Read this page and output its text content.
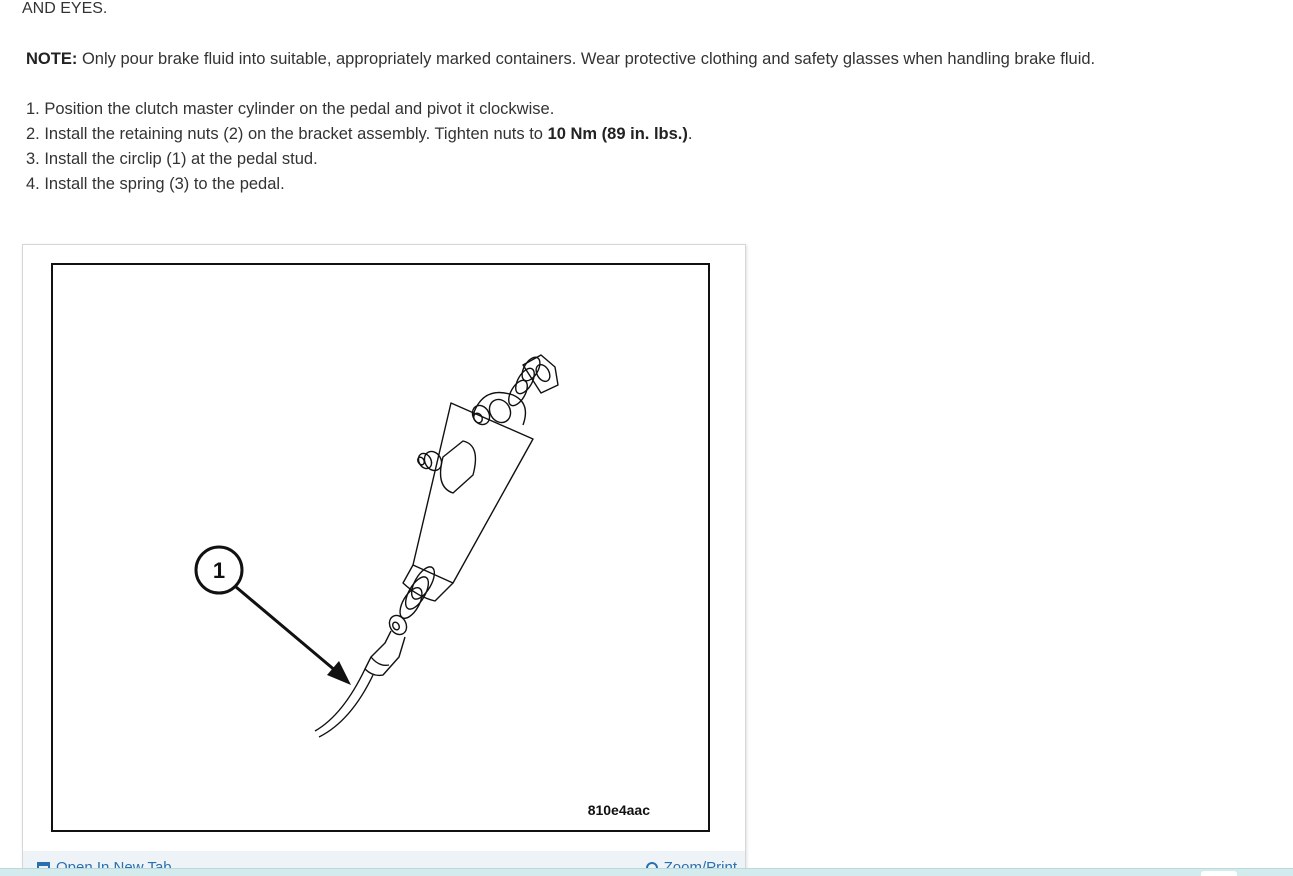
AND EYES.
NOTE: Only pour brake fluid into suitable, appropriately marked containers. Wear protective clothing and safety glasses when handling brake fluid.
1. Position the clutch master cylinder on the pedal and pivot it clockwise.
2. Install the retaining nuts (2) on the bracket assembly. Tighten nuts to 10 Nm (89 in. lbs.).
3. Install the circlip (1) at the pedal stud.
4. Install the spring (3) to the pedal.
1
810e4aac
